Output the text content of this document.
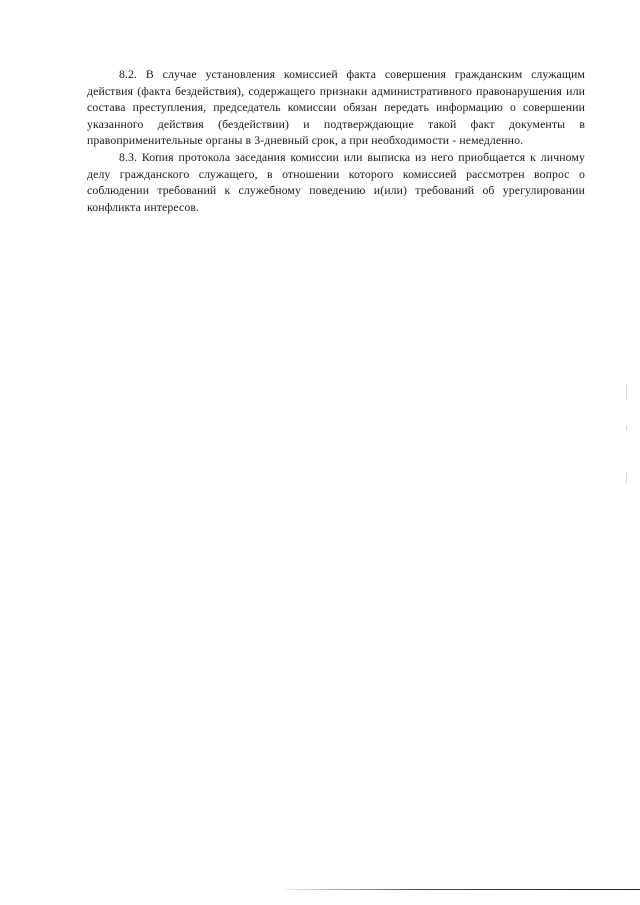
8.2. В случае установления комиссией факта совершения гражданским служащим действия (факта бездействия), содержащего признаки административного правонарушения или состава преступления, председатель комиссии обязан передать информацию о совершении указанного действия (бездействии) и подтверждающие такой факт документы в правоприменительные органы в 3-дневный срок, а при необходимости - немедленно.

8.3. Копия протокола заседания комиссии или выписка из него приобщается к личному делу гражданского служащего, в отношении которого комиссией рассмотрен вопрос о соблюдении требований к служебному поведению и(или) требований об урегулировании конфликта интересов.
